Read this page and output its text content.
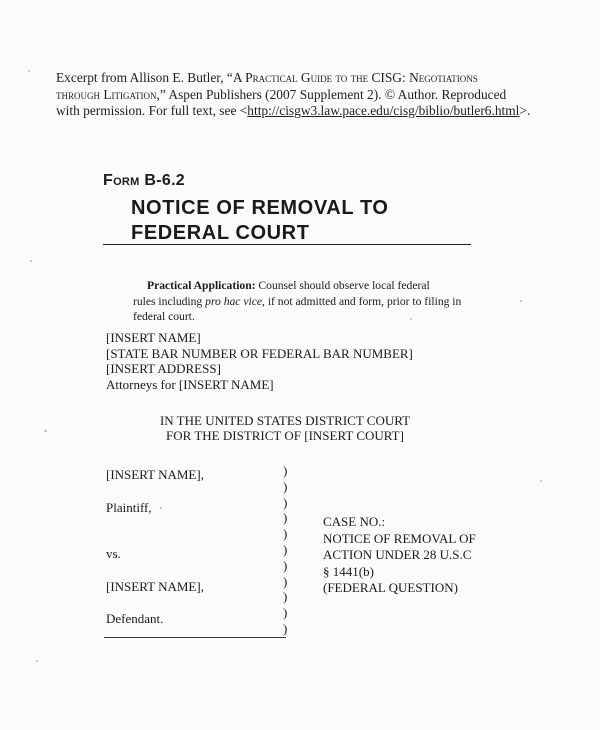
Excerpt from Allison E. Butler, “A Practical Guide to the CISG: Negotiations
through Litigation,” Aspen Publishers (2007 Supplement 2). © Author. Reproduced
with permission. For full text, see <http://cisgw3.law.pace.edu/cisg/biblio/butler6.html>.
Form B-6.2
NOTICE OF REMOVAL TO
FEDERAL COURT
Practical Application: Counsel should observe local federal
rules including pro hac vice, if not admitted and form, prior to filing in
federal court.
[INSERT NAME]
[STATE BAR NUMBER OR FEDERAL BAR NUMBER]
[INSERT ADDRESS]
Attorneys for [INSERT NAME]
IN THE UNITED STATES DISTRICT COURT
FOR THE DISTRICT OF [INSERT COURT]
[INSERT NAME],
Plaintiff,
vs.
[INSERT NAME],
Defendant.
)
)
)
)
)
)
)
)
)
)
)
CASE NO.:
NOTICE OF REMOVAL OF
ACTION UNDER 28 U.S.C
§ 1441(b)
(FEDERAL QUESTION)
